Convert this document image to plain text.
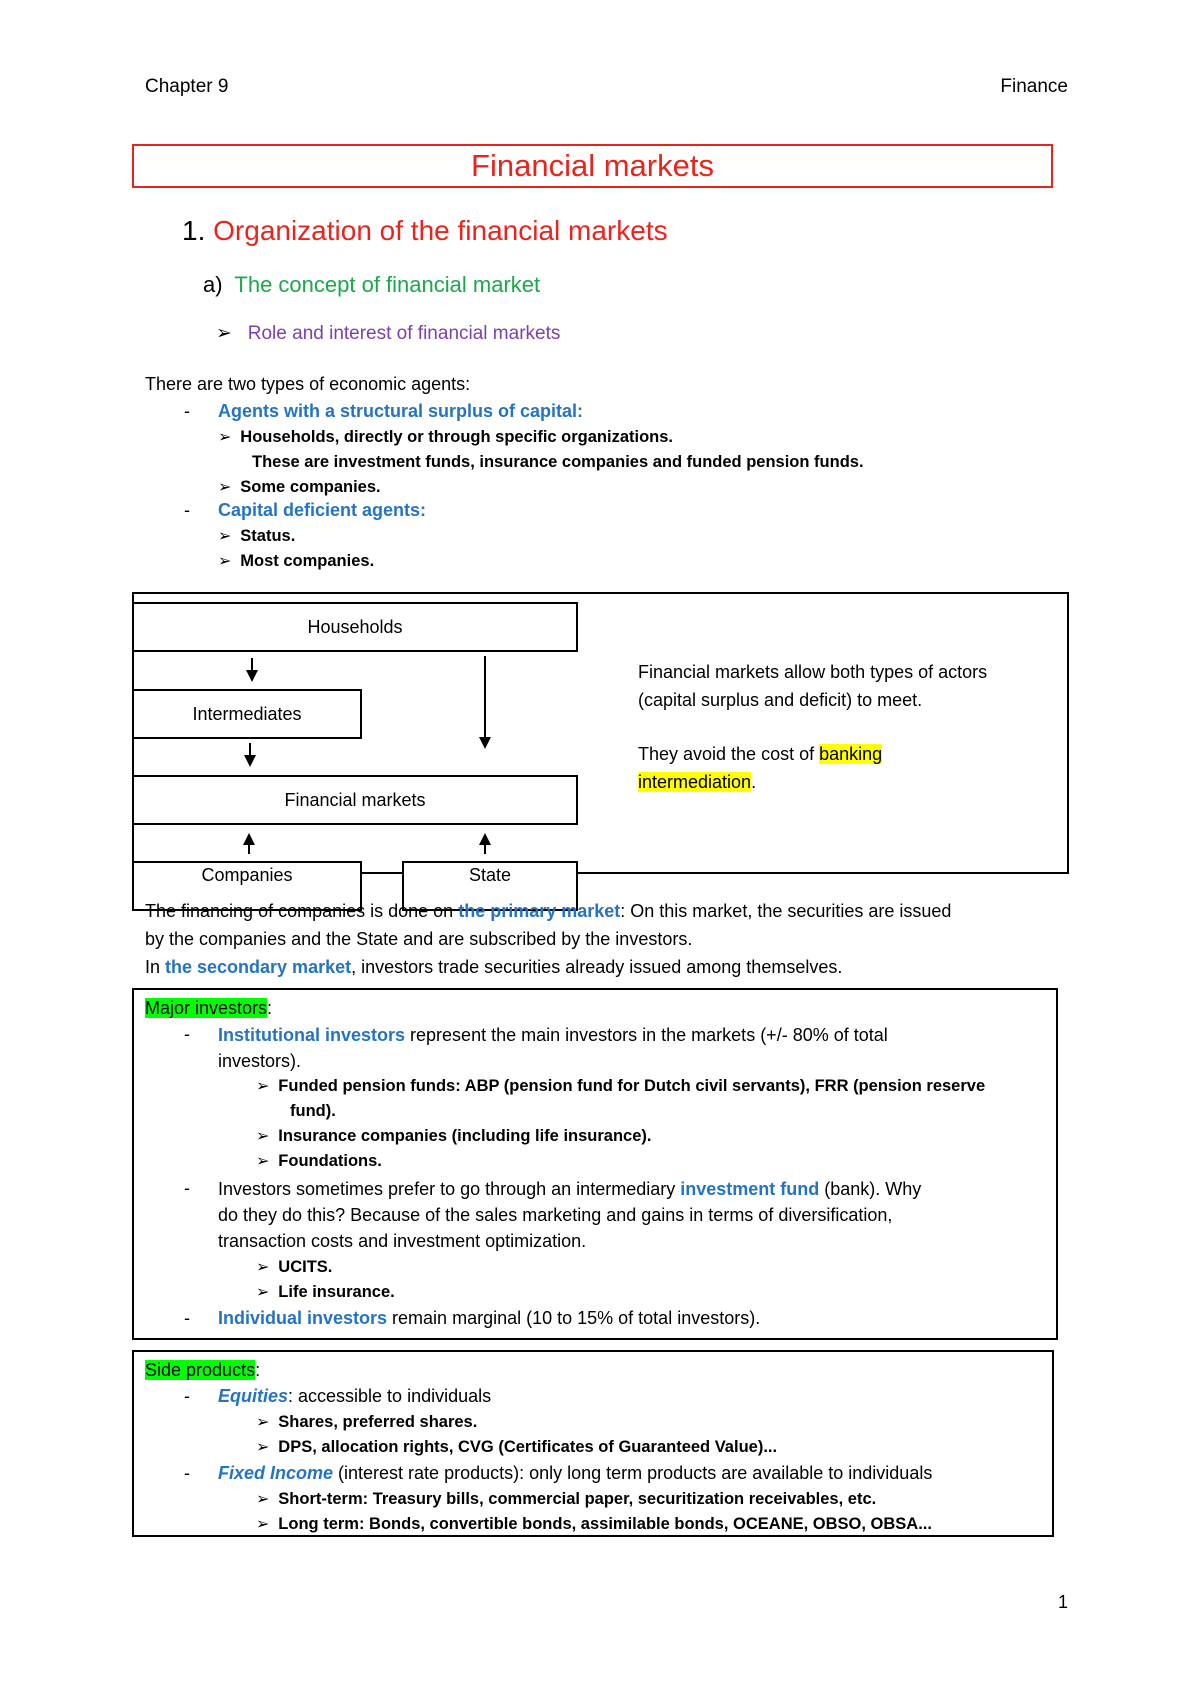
Chapter 9	Finance
Financial markets
1. Organization of the financial markets
a) The concept of financial market
➢ Role and interest of financial markets
There are two types of economic agents:
- Agents with a structural surplus of capital:
➢ Households, directly or through specific organizations.
These are investment funds, insurance companies and funded pension funds.
➢ Some companies.
- Capital deficient agents:
➢ Status.
➢ Most companies.
Households
Intermediates
Financial markets
Companies	State
Financial markets allow both types of actors (capital surplus and deficit) to meet.
They avoid the cost of banking
intermediation.
The financing of companies is done on the primary market: On this market, the securities are issued
by the companies and the State and are subscribed by the investors.
In the secondary market, investors trade securities already issued among themselves.
Major investors:
- Institutional investors represent the main investors in the markets (+/- 80% of total
investors).
➢ Funded pension funds: ABP (pension fund for Dutch civil servants), FRR (pension reserve
fund).
➢ Insurance companies (including life insurance).
➢ Foundations.
- Investors sometimes prefer to go through an intermediary investment fund (bank). Why
do they do this? Because of the sales marketing and gains in terms of diversification,
transaction costs and investment optimization.
➢ UCITS.
➢ Life insurance.
- Individual investors remain marginal (10 to 15% of total investors).
Side products:
- Equities: accessible to individuals
➢ Shares, preferred shares.
➢ DPS, allocation rights, CVG (Certificates of Guaranteed Value)...
- Fixed Income (interest rate products): only long term products are available to individuals
➢ Short-term: Treasury bills, commercial paper, securitization receivables, etc.
➢ Long term: Bonds, convertible bonds, assimilable bonds, OCEANE, OBSO, OBSA...
1
